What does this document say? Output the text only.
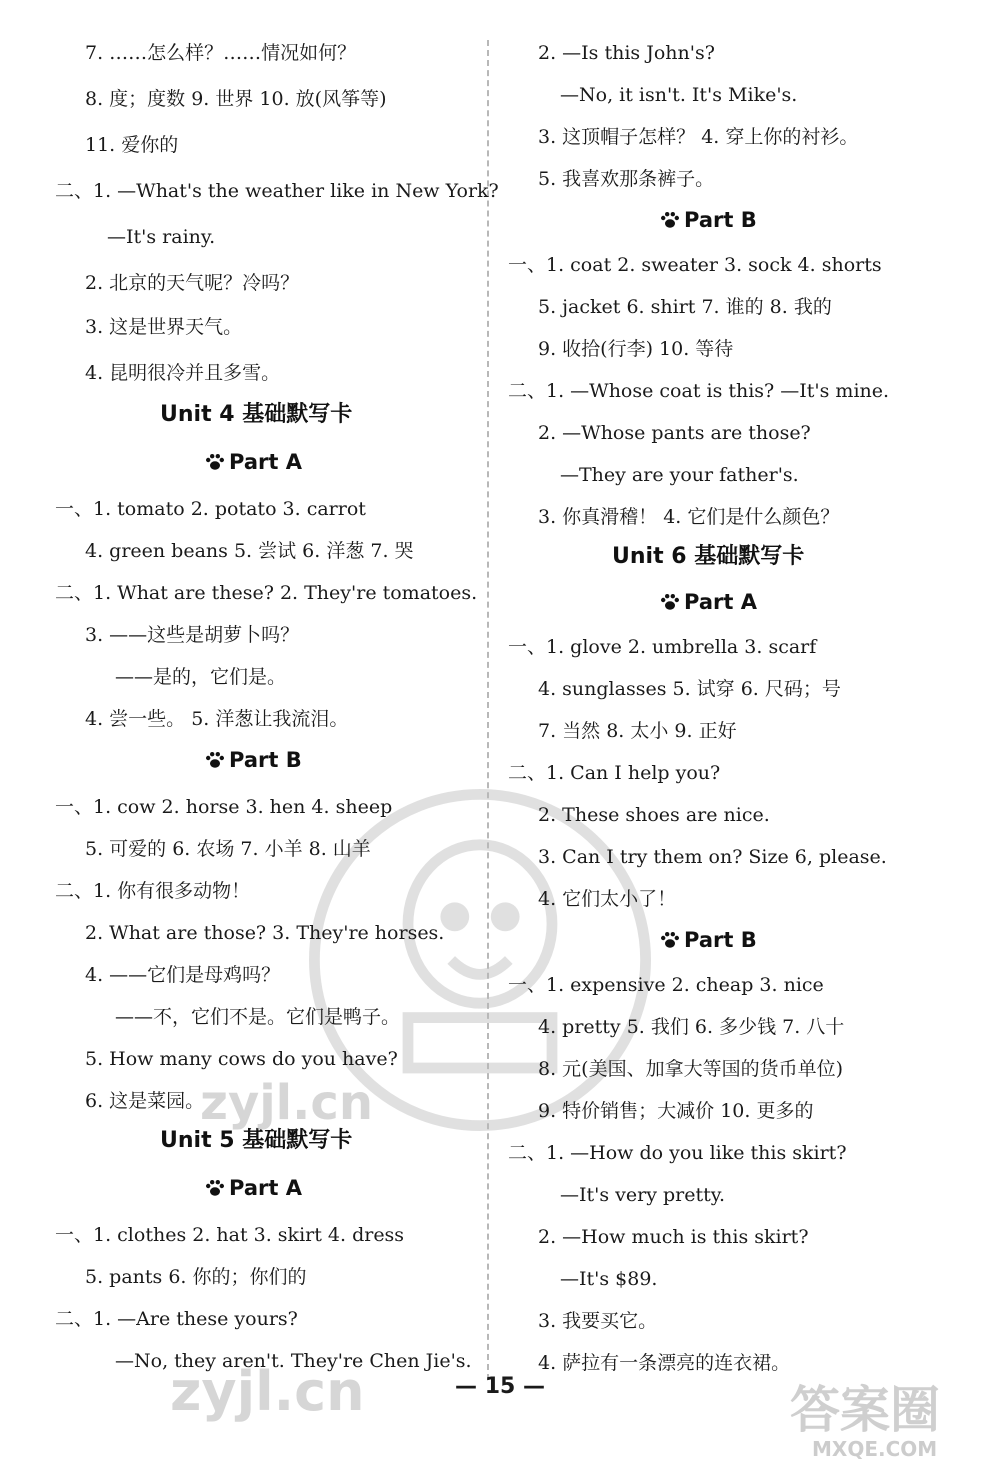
7. ……怎么样？……情况如何？
8. 度；度数 9. 世界 10. 放(风筝等)
11. 爱你的
二、1. —What's the weather like in New York?
—It's rainy.
2. 北京的天气呢？冷吗？
3. 这是世界天气。
4. 昆明很冷并且多雪。
Unit 4 基础默写卡
Part A
一、1. tomato 2. potato 3. carrot
4. green beans 5. 尝试 6. 洋葱 7. 哭
二、1. What are these? 2. They're tomatoes.
3. ——这些是胡萝卜吗？
——是的，它们是。
4. 尝一些。 5. 洋葱让我流泪。
Part B
一、1. cow 2. horse 3. hen 4. sheep
5. 可爱的 6. 农场 7. 小羊 8. 山羊
二、1. 你有很多动物！
2. What are those? 3. They're horses.
4. ——它们是母鸡吗？
——不，它们不是。它们是鸭子。
5. How many cows do you have?
6. 这是菜园。
Unit 5 基础默写卡
Part A
一、1. clothes 2. hat 3. skirt 4. dress
5. pants 6. 你的；你们的
二、1. —Are these yours?
—No, they aren't. They're Chen Jie's.
2. —Is this John's?
—No, it isn't. It's Mike's.
3. 这顶帽子怎样？ 4. 穿上你的衬衫。
5. 我喜欢那条裤子。
Part B
一、1. coat 2. sweater 3. sock 4. shorts
5. jacket 6. shirt 7. 谁的 8. 我的
9. 收拾(行李) 10. 等待
二、1. —Whose coat is this? —It's mine.
2. —Whose pants are those?
—They are your father's.
3. 你真滑稽！ 4. 它们是什么颜色？
Unit 6 基础默写卡
Part A
一、1. glove 2. umbrella 3. scarf
4. sunglasses 5. 试穿 6. 尺码；号
7. 当然 8. 太小 9. 正好
二、1. Can I help you?
2. These shoes are nice.
3. Can I try them on? Size 6, please.
4. 它们太小了！
Part B
一、1. expensive 2. cheap 3. nice
4. pretty 5. 我们 6. 多少钱 7. 八十
8. 元(美国、加拿大等国的货币单位)
9. 特价销售；大减价 10. 更多的
二、1. —How do you like this skirt?
—It's very pretty.
2. —How much is this skirt?
—It's $89.
3. 我要买它。
4. 萨拉有一条漂亮的连衣裙。
— 15 —
zyjl.cn
zyjl.cn	答案圈
MXQE.COM
